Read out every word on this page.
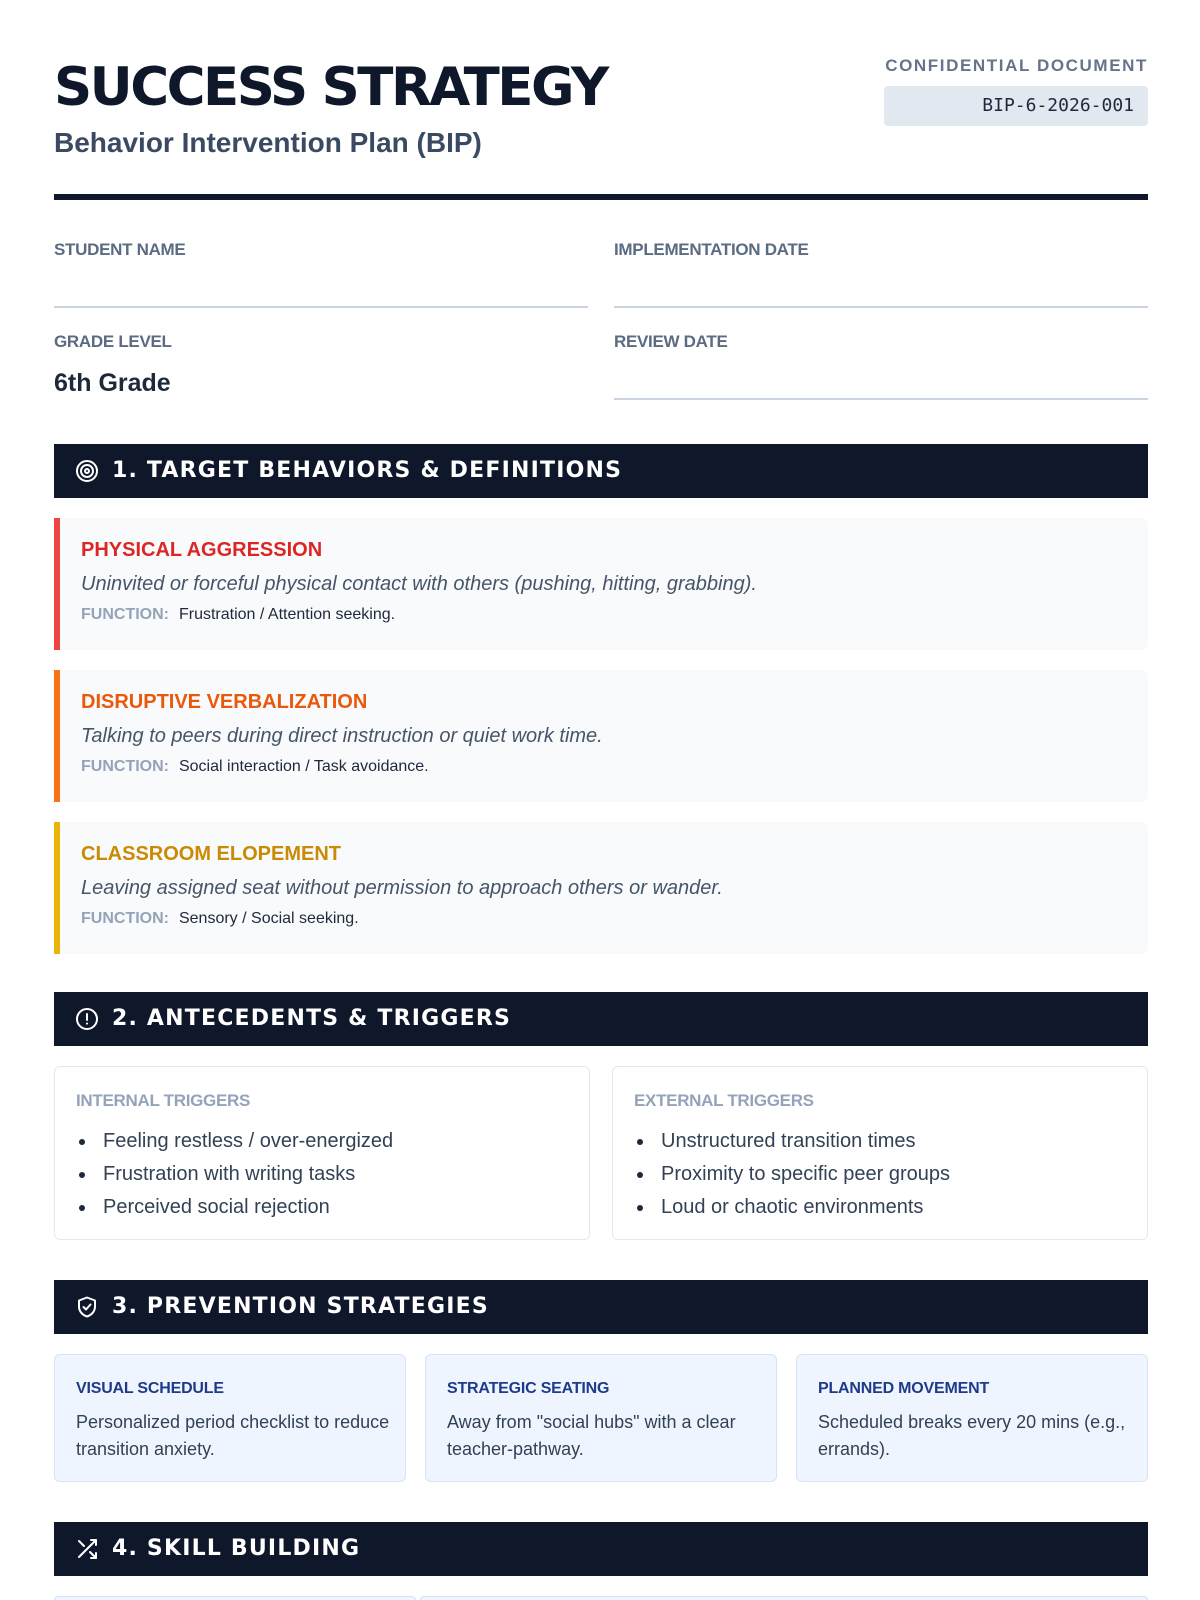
SUCCESS STRATEGY
Behavior Intervention Plan (BIP)
CONFIDENTIAL DOCUMENT
BIP-6-2026-001
STUDENT NAME	IMPLEMENTATION DATE
GRADE LEVEL
6th Grade
REVIEW DATE
1. TARGET BEHAVIORS & DEFINITIONS
PHYSICAL AGGRESSION
Uninvited or forceful physical contact with others (pushing, hitting, grabbing).
FUNCTION: Frustration / Attention seeking.
DISRUPTIVE VERBALIZATION
Talking to peers during direct instruction or quiet work time.
FUNCTION: Social interaction / Task avoidance.
CLASSROOM ELOPEMENT
Leaving assigned seat without permission to approach others or wander.
FUNCTION: Sensory / Social seeking.
2. ANTECEDENTS & TRIGGERS
INTERNAL TRIGGERS
Feeling restless / over-energized
Frustration with writing tasks
Perceived social rejection
EXTERNAL TRIGGERS
Unstructured transition times
Proximity to specific peer groups
Loud or chaotic environments
3. PREVENTION STRATEGIES
VISUAL SCHEDULE
Personalized period checklist to reduce transition anxiety.
STRATEGIC SEATING
Away from "social hubs" with a clear teacher-pathway.
PLANNED MOVEMENT
Scheduled breaks every 20 mins (e.g., errands).
4. SKILL BUILDING
